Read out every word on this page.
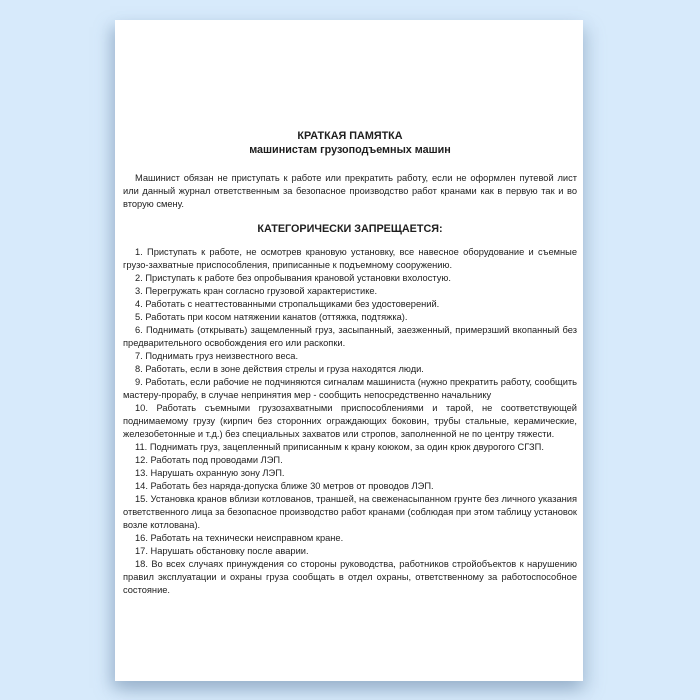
КРАТКАЯ ПАМЯТКА

машинистам грузоподъемных машин

Машинист обязан не приступать к работе или прекратить работу, если не оформлен путевой лист или данный журнал ответственным за безопасное производство работ кранами как в первую так и во вторую смену.

КАТЕГОРИЧЕСКИ ЗАПРЕЩАЕТСЯ:

1. Приступать к работе, не осмотрев крановую установку, все навесное оборудование и съемные грузо-захватные приспособления, приписанные к подъемному сооружению.

2. Приступать к работе без опробывания крановой установки вхолостую.

3. Перегружать кран согласно грузовой характеристике.

4. Работать с неаттестованными стропальщиками без удостоверений.

5. Работать при косом натяжении канатов (оттяжка, подтяжка).

6. Поднимать (открывать) защемленный груз, засыпанный, заезженный, примерзший вкопанный без предварительного освобождения его или раскопки.

7. Поднимать груз неизвестного веса.

8. Работать, если в зоне действия стрелы и груза находятся люди.

9. Работать, если рабочие не подчиняются сигналам машиниста (нужно прекратить работу, сообщить мастеру-прорабу, в случае непринятия мер - сообщить непосредственно начальнику

10. Работать съемными грузозахватными приспособлениями и тарой, не соответствующей поднимаемому грузу (кирпич без сторонних ограждающих боковин, трубы стальные, керамические, железобетонные и т.д.) без специальных захватов или стропов, заполненной не по центру тяжести.

11. Поднимать груз, зацепленный приписанным к крану коюком, за один крюк двурогого СГЗП.

12. Работать под проводами ЛЭП.

13. Нарушать охранную зону ЛЭП.

14. Работать без наряда-допуска ближе 30 метров от проводов ЛЭП.

15. Установка кранов вблизи котлованов, траншей, на свеженасыпанном грунте без личного указания ответственного лица за безопасное производство работ кранами (соблюдая при этом таблицу установок возле котлована).

16. Работать на технически неисправном кране.

17. Нарушать обстановку после аварии.

18. Во всех случаях принуждения со стороны руководства, работников стройобъектов к нарушению правил эксплуатации и охраны груза сообщать в отдел охраны, ответственному за работоспособное состояние.
